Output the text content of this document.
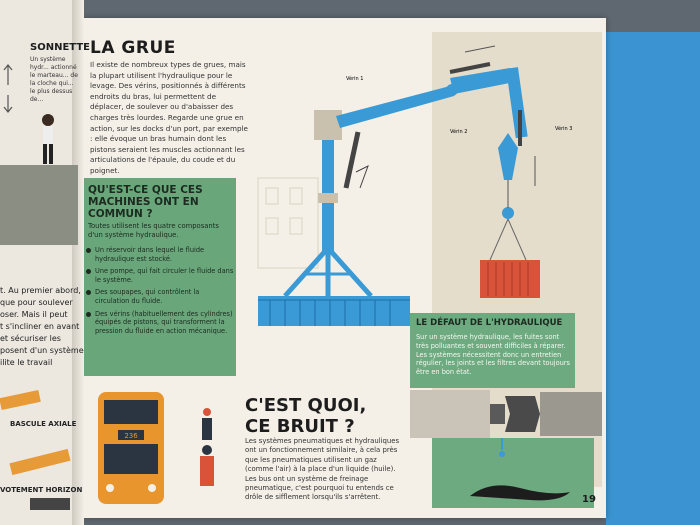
SONNETTE
Un système hydr... actionné le marteau... de la cloche qui... le plus dessus de...
t. Au premier abord,
que pour soulever
oser. Mais il peut
t s'incliner en avant
et sécuriser les
posent d'un système
ilite le travail
BASCULE AXIALE
VOTEMENT HORIZON
LA GRUE
Il existe de nombreux types de grues, mais la plupart utilisent l'hydraulique pour le levage. Des vérins, positionnés à différents endroits du bras, lui permettent de déplacer, de soulever ou d'abaisser des charges très lourdes. Regarde une grue en action, sur les docks d'un port, par exemple : elle évoque un bras humain dont les pistons seraient les muscles actionnant les articulations de l'épaule, du coude et du poignet.
Vérin 1
Vérin 2	Vérin 3
QU'EST-CE QUE CES MACHINES ONT EN COMMUN ?
Toutes utilisent les quatre composants d'un système hydraulique.
Un réservoir dans lequel le fluide hydraulique est stocké.
Une pompe, qui fait circuler le fluide dans le système.
Des soupapes, qui contrôlent la circulation du fluide.
Des vérins (habituellement des cylindres) équipés de pistons, qui transforment la pression du fluide en action mécanique.
236
C'EST QUOI,
CE BRUIT ?
Les systèmes pneumatiques et hydrauliques ont un fonctionnement similaire, à cela près que les pneumatiques utilisent un gaz (comme l'air) à la place d'un liquide (huile). Les bus ont un système de freinage pneumatique, c'est pourquoi tu entends ce drôle de sifflement lorsqu'ils s'arrêtent.
LE DÉFAUT DE L'HYDRAULIQUE
Sur un système hydraulique, les fuites sont très polluantes et souvent difficiles à réparer. Les systèmes nécessitent donc un entretien régulier, les joints et les filtres devant toujours être en bon état.
19
